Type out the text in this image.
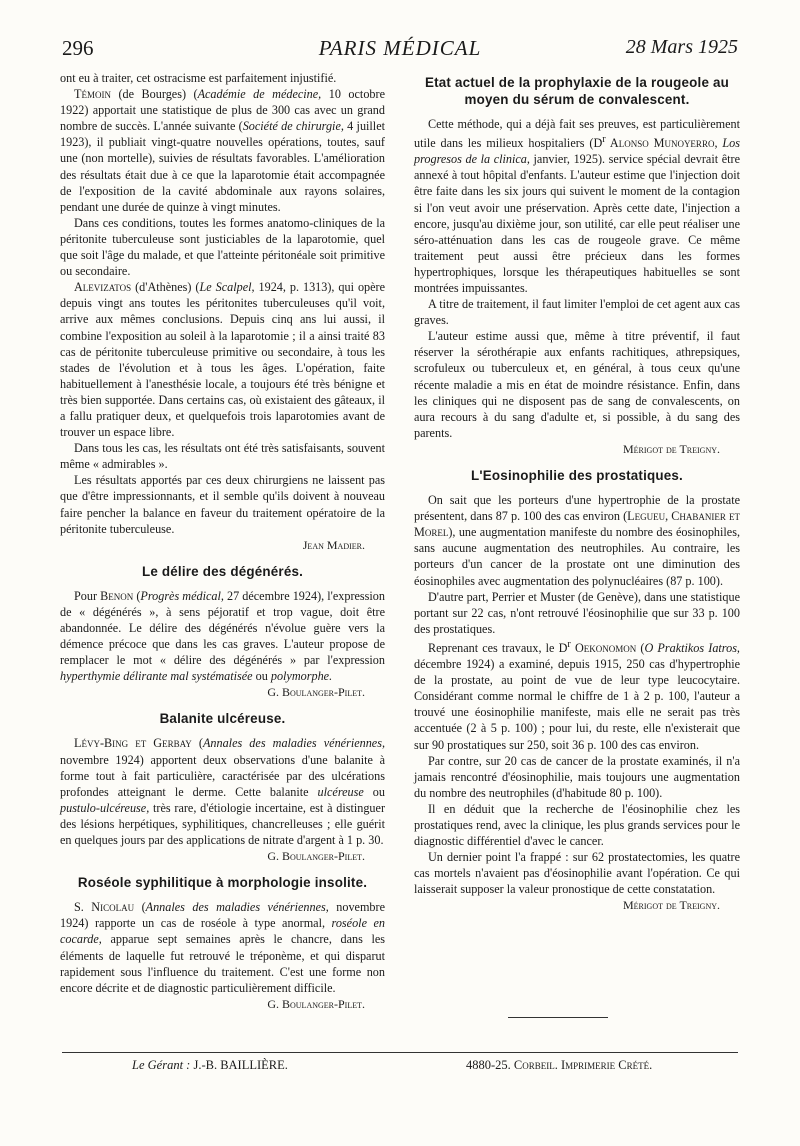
296	PARIS MÉDICAL	28 Mars 1925

ont eu à traiter, cet ostracisme est parfaitement injustifié.

Témoin (de Bourges) (Académie de médecine, 10 octobre 1922) apportait une statistique de plus de 300 cas avec un grand nombre de succès. L'année suivante (Société de chirurgie, 4 juillet 1923), il publiait vingt-quatre nouvelles opérations, toutes, sauf une (non mortelle), suivies de résultats favorables. L'amélioration des résultats était due à ce que la laparotomie était accompagnée de l'exposition de la cavité abdominale aux rayons solaires, pendant une durée de quinze à vingt minutes.

Dans ces conditions, toutes les formes anatomo-cliniques de la péritonite tuberculeuse sont justiciables de la laparotomie, quel que soit l'âge du malade, et que l'atteinte péritonéale soit primitive ou secondaire.

Alevizatos (d'Athènes) (Le Scalpel, 1924, p. 1313), qui opère depuis vingt ans toutes les péritonites tuberculeuses qu'il voit, arrive aux mêmes conclusions. Depuis cinq ans lui aussi, il combine l'exposition au soleil à la laparotomie ; il a ainsi traité 83 cas de péritonite tuberculeuse primitive ou secondaire, à tous les stades de l'évolution et à tous les âges. L'opération, faite habituellement à l'anesthésie locale, a toujours été très bénigne et très bien supportée. Dans certains cas, où existaient des gâteaux, il a fallu pratiquer deux, et quelquefois trois laparotomies avant de trouver un espace libre.

Dans tous les cas, les résultats ont été très satisfaisants, souvent même « admirables ».

Les résultats apportés par ces deux chirurgiens ne laissent pas que d'être impressionnants, et il semble qu'ils doivent à nouveau faire pencher la balance en faveur du traitement opératoire de la péritonite tuberculeuse.

Jean Madier.
Le délire des dégénérés.

Pour Benon (Progrès médical, 27 décembre 1924), l'expression de « dégénérés », à sens péjoratif et trop vague, doit être abandonnée. Le délire des dégénérés n'évolue guère vers la démence précoce que dans les cas graves. L'auteur propose de remplacer le mot « délire des dégénérés » par l'expression hyperthymie délirante mal systématisée ou polymorphe.

G. Boulanger-Pilet.
Balanite ulcéreuse.

Lévy-Bing et Gerbay (Annales des maladies vénériennes, novembre 1924) apportent deux observations d'une balanite à forme tout à fait particulière, caractérisée par des ulcérations profondes atteignant le derme. Cette balanite ulcéreuse ou pustulo-ulcéreuse, très rare, d'étiologie incertaine, est à distinguer des lésions herpétiques, syphilitiques, chancrelleuses ; elle guérit en quelques jours par des applications de nitrate d'argent à 1 p. 30.

G. Boulanger-Pilet.
Roséole syphilitique à morphologie insolite.

S. Nicolau (Annales des maladies vénériennes, novembre 1924) rapporte un cas de roséole à type anormal, roséole en cocarde, apparue sept semaines après le chancre, dans les éléments de laquelle fut retrouvé le tréponème, et qui disparut rapidement sous l'influence du traitement. C'est une forme non encore décrite et de diagnostic particulièrement difficile.

G. Boulanger-Pilet.
Etat actuel de la prophylaxie de la rougeole au moyen du sérum de convalescent.

Cette méthode, qui a déjà fait ses preuves, est particulièrement utile dans les milieux hospitaliers ($D^r$ Alonso Munoyerro, Los progresos de la clinica, janvier, 1925). service spécial devrait être annexé à tout hôpital d'enfants. L'auteur estime que l'injection doit être faite dans les six jours qui suivent le moment de la contagion si l'on veut avoir une préservation. Après cette date, l'injection a encore, jusqu'au dixième jour, son utilité, car elle peut réaliser une séro-atténuation dans les cas de rougeole grave. Ce même traitement peut aussi être précieux dans les formes hypertrophiques, lorsque les thérapeutiques habituelles se sont montrées impuissantes.

A titre de traitement, il faut limiter l'emploi de cet agent aux cas graves.

L'auteur estime aussi que, même à titre préventif, il faut réserver la sérothérapie aux enfants rachitiques, athrepsiques, scrofuleux ou tuberculeux et, en général, à tous ceux qu'une récente maladie a mis en état de moindre résistance. Enfin, dans les cliniques qui ne disposent pas de sang de convalescents, on aura recours à du sang d'adulte et, si possible, à du sang des parents.

Mérigot de Treigny.
L'Eosinophilie des prostatiques.

On sait que les porteurs d'une hypertrophie de la prostate présentent, dans 87 p. 100 des cas environ (Legueu, Chabanier et Morel), une augmentation manifeste du nombre des éosinophiles, sans aucune augmentation des neutrophiles. Au contraire, les porteurs d'un cancer de la prostate ont une diminution des éosinophiles avec augmentation des polynucléaires (87 p. 100).

D'autre part, Perrier et Muster (de Genève), dans une statistique portant sur 22 cas, n'ont retrouvé l'éosinophilie que sur 33 p. 100 des prostatiques.

Reprenant ces travaux, le $D^r$ Oekonomon (O Praktikos Iatros, décembre 1924) a examiné, depuis 1915, 250 cas d'hypertrophie de la prostate, au point de vue de leur type leucocytaire. Considérant comme normal le chiffre de 1 à 2 p. 100, l'auteur a trouvé une éosinophilie manifeste, mais elle ne serait pas très accentuée (2 à 5 p. 100) ; pour lui, du reste, elle n'existerait que sur 90 prostatiques sur 250, soit 36 p. 100 des cas environ.

Par contre, sur 20 cas de cancer de la prostate examinés, il n'a jamais rencontré d'éosinophilie, mais toujours une augmentation du nombre des neutrophiles (d'habitude 80 p. 100).

Il en déduit que la recherche de l'éosinophilie chez les prostatiques rend, avec la clinique, les plus grands services pour le diagnostic différentiel d'avec le cancer.

Un dernier point l'a frappé : sur 62 prostatectomies, les quatre cas mortels n'avaient pas d'éosinophilie avant l'opération. Ce qui laisserait supposer la valeur pronostique de cette constatation.

Mérigot de Treigny.
Le Gérant : J.-B. BAILLIÈRE.	4880-25. Corbeil. Imprimerie Crété.
